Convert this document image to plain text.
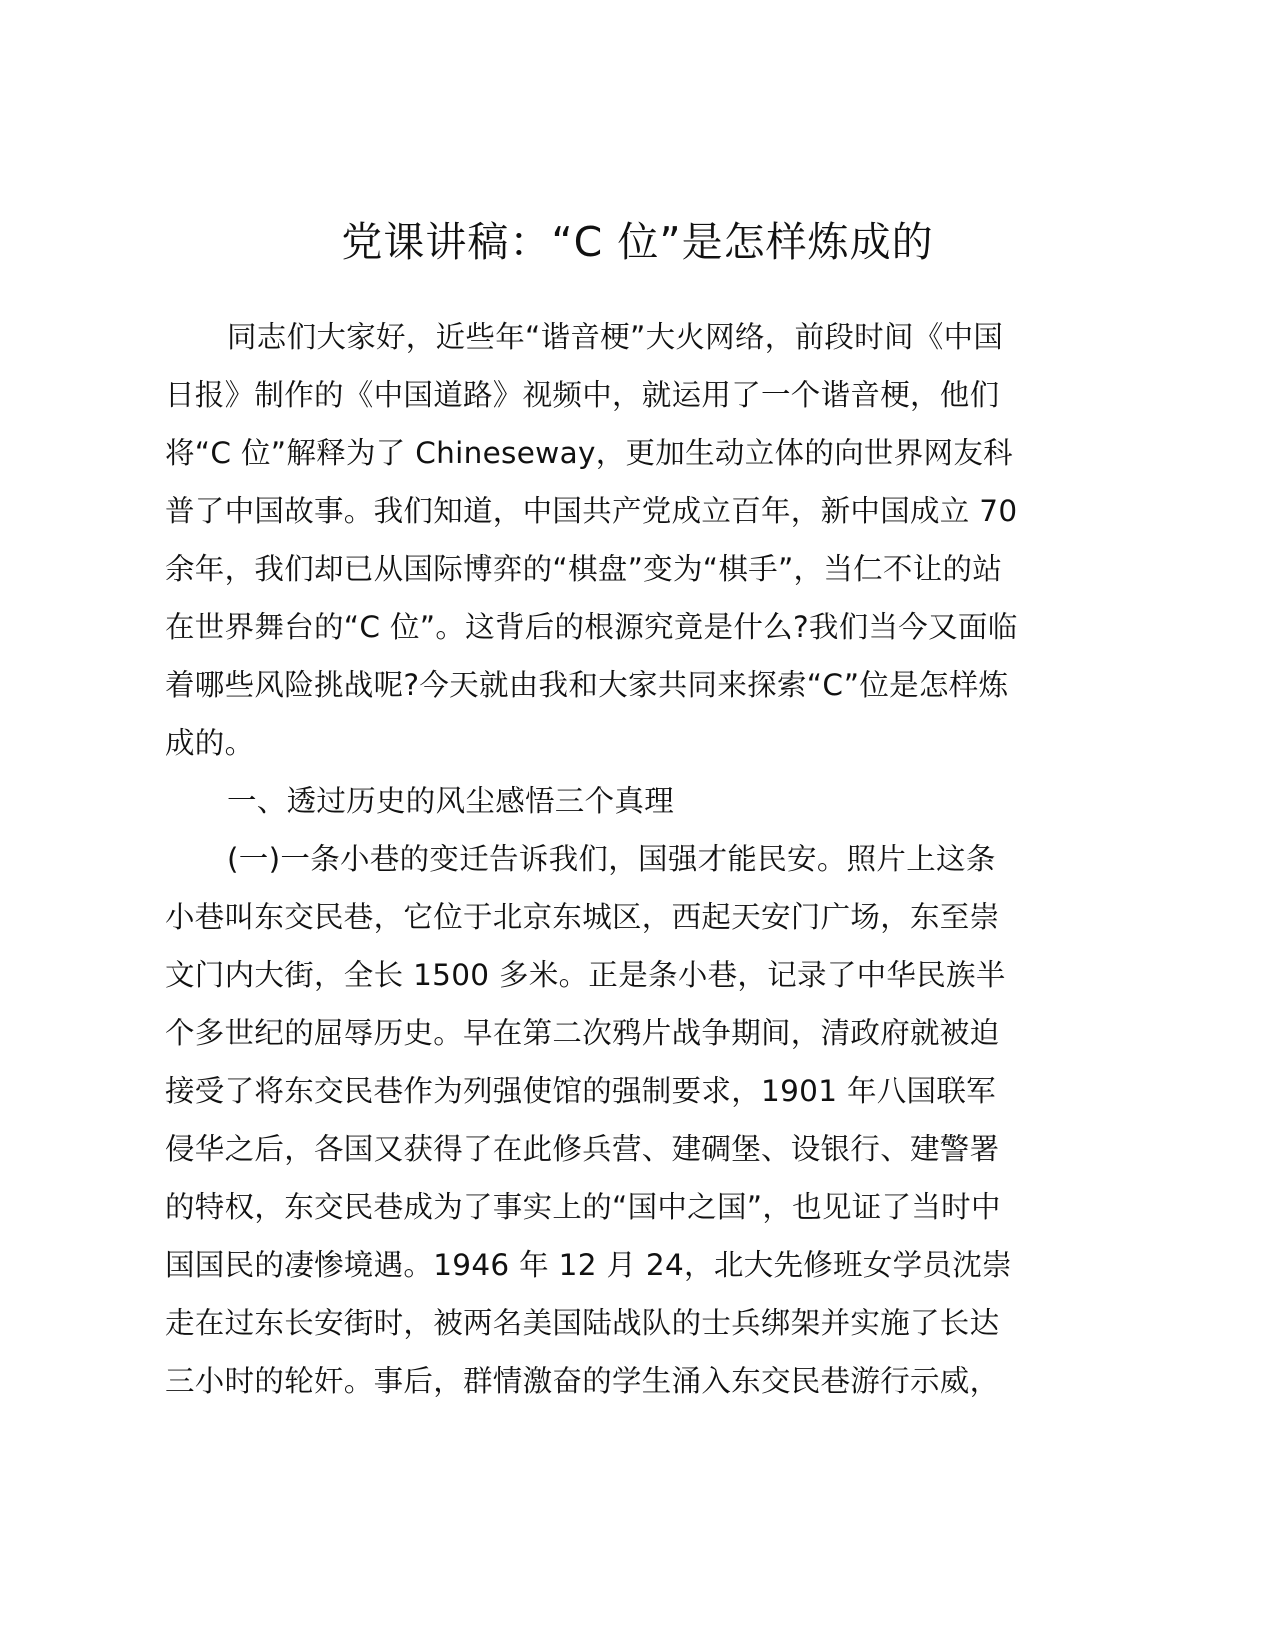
党课讲稿：“C 位”是怎样炼成的
同志们大家好，近些年“谐音梗”大火网络，前段时间《中国
日报》制作的《中国道路》视频中，就运用了一个谐音梗，他们
将“C 位”解释为了 Chineseway，更加生动立体的向世界网友科
普了中国故事。我们知道，中国共产党成立百年，新中国成立 70
余年，我们却已从国际博弈的“棋盘”变为“棋手”，当仁不让的站
在世界舞台的“C 位”。这背后的根源究竟是什么?我们当今又面临
着哪些风险挑战呢?今天就由我和大家共同来探索“C”位是怎样炼
成的。
一、透过历史的风尘感悟三个真理
(一)一条小巷的变迁告诉我们，国强才能民安。照片上这条
小巷叫东交民巷，它位于北京东城区，西起天安门广场，东至崇
文门内大街，全长 1500 多米。正是条小巷，记录了中华民族半
个多世纪的屈辱历史。早在第二次鸦片战争期间，清政府就被迫
接受了将东交民巷作为列强使馆的强制要求，1901 年八国联军
侵华之后，各国又获得了在此修兵营、建碉堡、设银行、建警署
的特权，东交民巷成为了事实上的“国中之国”，也见证了当时中
国国民的凄惨境遇。1946 年 12 月 24，北大先修班女学员沈崇
走在过东长安街时，被两名美国陆战队的士兵绑架并实施了长达
三小时的轮奸。事后，群情激奋的学生涌入东交民巷游行示威，
